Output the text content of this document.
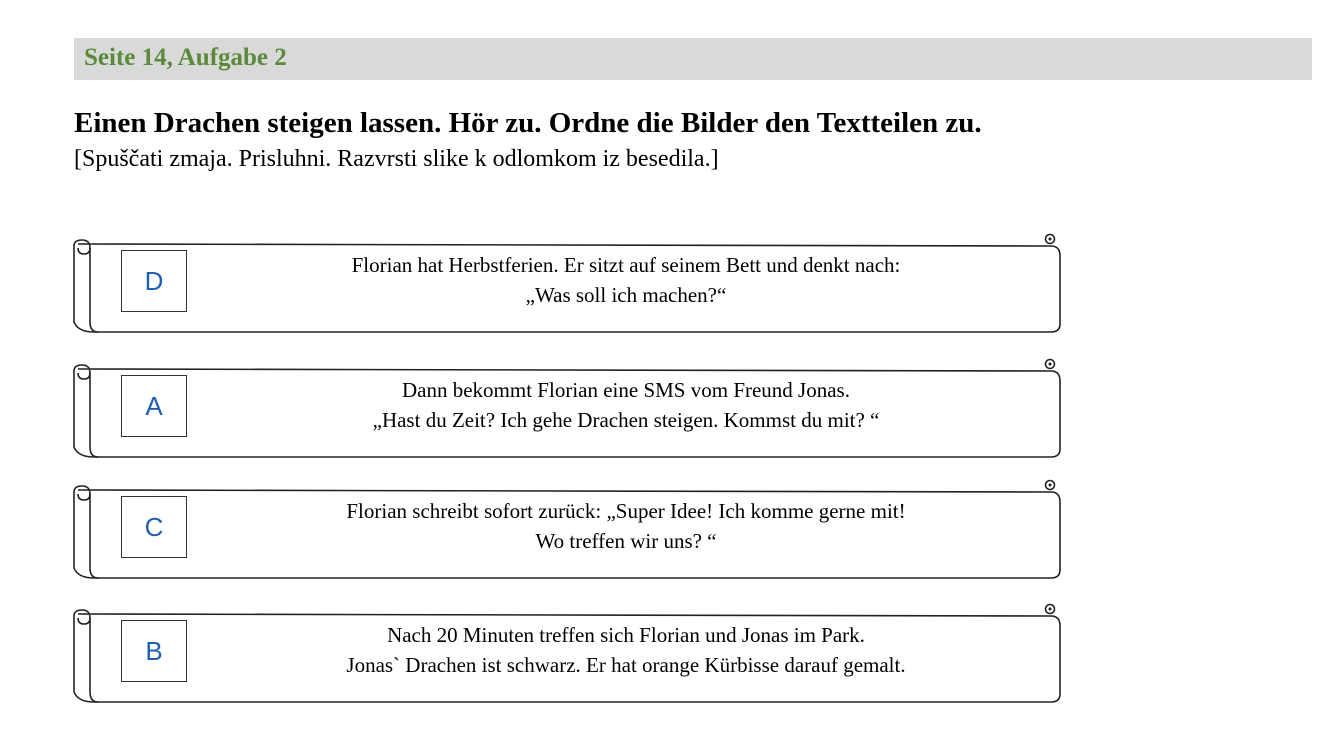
Seite 14, Aufgabe 2
Einen Drachen steigen lassen. Hör zu. Ordne die Bilder den Textteilen zu.
[Spuščati zmaja. Prisluhni. Razvrsti slike k odlomkom iz besedila.]
D
Florian hat Herbstferien. Er sitzt auf seinem Bett und denkt nach:
„Was soll ich machen?“
A
Dann bekommt Florian eine SMS vom Freund Jonas.
„Hast du Zeit? Ich gehe Drachen steigen. Kommst du mit? “
C
Florian schreibt sofort zurück: „Super Idee! Ich komme gerne mit!
Wo treffen wir uns? “
B
Nach 20 Minuten treffen sich Florian und Jonas im Park.
Jonas` Drachen ist schwarz. Er hat orange Kürbisse darauf gemalt.
